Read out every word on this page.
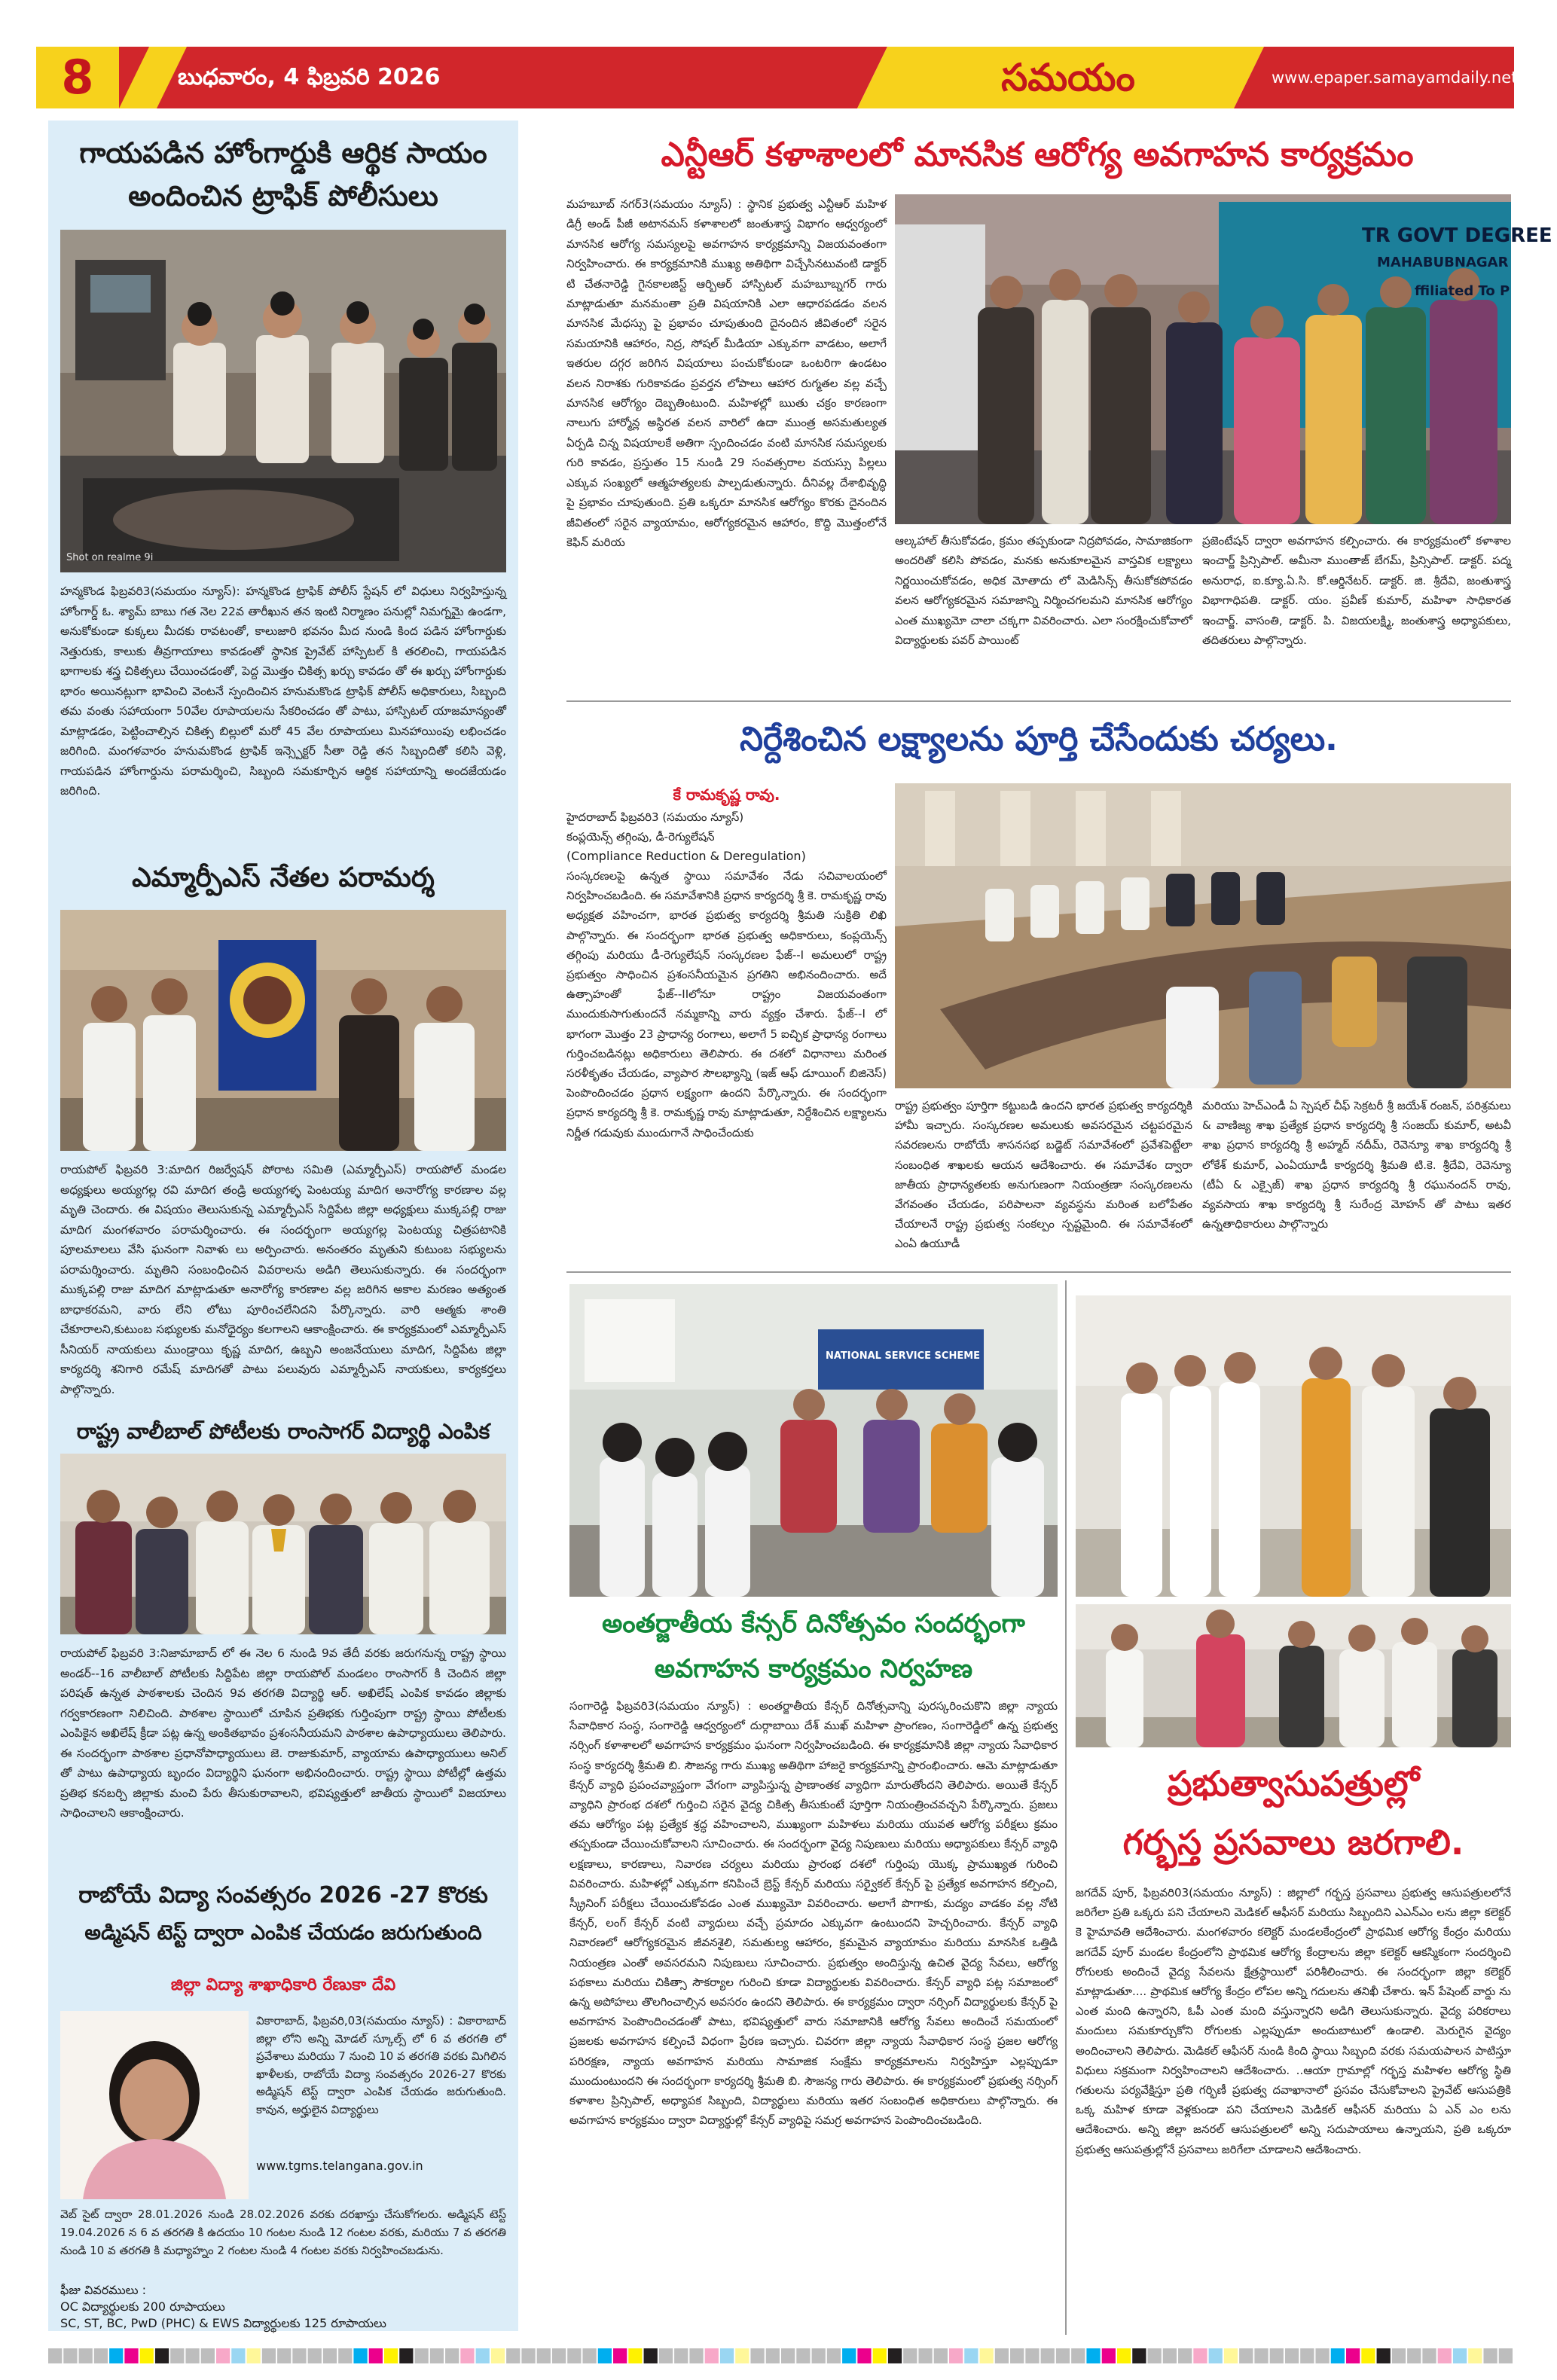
8	బుధవారం, 4 ఫిబ్రవరి 2026	సమయం	www.epaper.samayamdaily.net
గాయపడిన హోంగార్డుకి ఆర్థిక సాయం
అందించిన ట్రాఫిక్ పోలీసులు
Shot on realme 9i
హన్మకొండ ఫిబ్రవరి3(సమయం న్యూస్): హన్మకొండ ట్రాఫిక్ పోలీస్ స్టేషన్ లో విధులు నిర్వహిస్తున్న హోంగార్డ్ ఓ. శ్యామ్ బాబు గత నెల 22వ తారీఖున తన ఇంటి నిర్మాణం పనుల్లో నిమగ్నమై ఉండగా, అనుకోకుండా కుక్కలు మీదకు రావటంతో, కాలుజారి భవనం మీద నుండి కింద పడిన హోంగార్డుకు నెత్తురుకు, కాలుకు తీవ్రగాయాలు కావడంతో స్థానిక ప్రైవేట్ హాస్పిటల్ కి తరలించి, గాయపడిన భాగాలకు శస్త్ర చికిత్సలు చేయించడంతో, పెద్ద మొత్తం చికిత్స ఖర్చు కావడం తో ఈ ఖర్చు హోంగార్డుకు భారం అయినట్లుగా భావించి వెంటనే స్పందించిన హనుమకొండ ట్రాఫిక్ పోలీస్ అధికారులు, సిబ్బంది తమ వంతు సహాయంగా 50వేల రూపాయలను సేకరించడం తో పాటు, హాస్పిటల్ యాజమాన్యంతో మాట్లాడడం, పెట్టించాల్సిన చికిత్స బిల్లులో మరో 45 వేల రూపాయలు మినహాయింపు లభించడం జరిగింది. మంగళవారం హనుమకొండ ట్రాఫిక్ ఇన్స్పెక్టర్ సీతా రెడ్డి తన సిబ్బందితో కలిసి వెళ్లి, గాయపడిన హోంగార్డును పరామర్శించి, సిబ్బంది సమకూర్చిన ఆర్థిక సహాయాన్ని అందజేయడం జరిగింది.
ఎమ్మార్పీఎస్ నేతల పరామర్శ
రాయపోల్ ఫిబ్రవరి 3:మాదిగ రిజర్వేషన్ పోరాట సమితి (ఎమ్మార్పీఎస్) రాయపోల్ మండల అధ్యక్షులు అయ్యగల్ల రవి మాదిగ తండ్రి అయ్యగళ్ళ పెంటయ్య మాదిగ అనారోగ్య కారణాల వల్ల మృతి చెందారు. ఈ విషయం తెలుసుకున్న ఎమ్మార్పీఎస్ సిద్దిపేట జిల్లా అధ్యక్షులు ముక్కపల్లి రాజు మాదిగ మంగళవారం పరామర్శించారు. ఈ సందర్భంగా అయ్యగల్ల పెంటయ్య చిత్రపటానికి పూలమాలలు వేసి ఘనంగా నివాళు లు అర్పించారు. అనంతరం మృతుని కుటుంబ సభ్యులను పరామర్శించారు. మృతిని సంబంధించిన వివరాలను అడిగి తెలుసుకున్నారు. ఈ సందర్భంగా ముక్కపల్లి రాజు మాదిగ మాట్లాడుతూ అనారోగ్య కారణాల వల్ల జరిగిన అకాల మరణం అత్యంత బాధాకరమని, వారు లేని లోటు పూరించలేనిదని పేర్కొన్నారు. వారి ఆత్మకు శాంతి చేకూరాలని,కుటుంబ సభ్యులకు మనోధైర్యం కలగాలని ఆకాంక్షించారు. ఈ కార్యక్రమంలో ఎమ్మార్పీఎస్ సీనియర్ నాయకులు ముండ్రాయి కృష్ణ మాదిగ, ఉబ్బని అంజనేయులు మాదిగ, సిద్దిపేట జిల్లా కార్యదర్శి శనిగారి రమేష్ మాదిగతో పాటు పలువురు ఎమ్మార్పీఎస్ నాయకులు, కార్యకర్తలు పాల్గొన్నారు.
రాష్ట్ర వాలీబాల్ పోటీలకు రాంసాగర్ విద్యార్థి ఎంపిక
రాయపోల్ ఫిబ్రవరి 3:నిజామాబాద్ లో ఈ నెల 6 నుండి 9వ తేదీ వరకు జరుగనున్న రాష్ట్ర స్థాయి అండర్--16 వాలీబాల్ పోటీలకు సిద్దిపేట జిల్లా రాయపోల్ మండలం రాంసాగర్ కి చెందిన జిల్లా పరిషత్ ఉన్నత పాఠశాలకు చెందిన 9వ తరగతి విద్యార్థి ఆర్. అఖిలేష్ ఎంపిక కావడం జిల్లాకు గర్వకారణంగా నిలిచింది. పాఠశాల స్థాయిలో చూపిన ప్రతిభకు గుర్తింపుగా రాష్ట్ర స్థాయి పోటీలకు ఎంపికైన అఖిలేష్ క్రీడా పట్ల ఉన్న అంకితభావం ప్రశంసనీయమని పాఠశాల ఉపాధ్యాయులు తెలిపారు. ఈ సందర్భంగా పాఠశాల ప్రధానోపాధ్యాయులు జె. రాజుకుమార్, వ్యాయామ ఉపాధ్యాయులు అనిల్ తో పాటు ఉపాధ్యాయ బృందం విద్యార్థిని ఘనంగా అభినందించారు. రాష్ట్ర స్థాయి పోటీల్లో ఉత్తమ ప్రతిభ కనబర్చి జిల్లాకు మంచి పేరు తీసుకురావాలని, భవిష్యత్తులో జాతీయ స్థాయిలో విజయాలు సాధించాలని ఆకాంక్షించారు.
రాబోయే విద్యా సంవత్సరం 2026 -27 కొరకు
అడ్మిషన్ టెస్ట్ ద్వారా ఎంపిక చేయడం జరుగుతుంది
జిల్లా విద్యా శాఖాధికారి రేణుకా దేవి
వికారాబాద్, ఫిబ్రవరి,03(సమయం న్యూస్) : వికారాబాద్ జిల్లా లోని అన్ని మోడల్ స్కూల్స్ లో 6 వ తరగతి లో ప్రవేశాలు మరియు 7 నుంచి 10 వ తరగతి వరకు మిగిలిన ఖాళీలకు, రాబోయే విద్యా సంవత్సరం 2026-27 కొరకు అడ్మిషన్ టెస్ట్ ద్వారా ఎంపిక చేయడం జరుగుతుంది. కావున, అర్హులైన విద్యార్థులు
www.tgms.telangana.gov.in
వెబ్ సైట్ ద్వారా 28.01.2026 నుండి 28.02.2026 వరకు దరఖాస్తు చేసుకోగలరు. అడ్మిషన్ టెస్ట్ 19.04.2026 న 6 వ తరగతి కి ఉదయం 10 గంటల నుండి 12 గంటల వరకు, మరియు 7 వ తరగతి నుండి 10 వ తరగతి కి మధ్యాహ్నం 2 గంటల నుండి 4 గంటల వరకు నిర్వహించబడును.
ఫీజు వివరములు :
OC విద్యార్థులకు 200 రూపాయలు
SC, ST, BC, PwD (PHC) & EWS విద్యార్థులకు 125 రూపాయలు
ఎన్టీఆర్ కళాశాలలో మానసిక ఆరోగ్య అవగాహన కార్యక్రమం
మహబూబ్ నగర్3(సమయం న్యూస్) : స్థానిక ప్రభుత్వ ఎన్టీఆర్ మహిళ డిగ్రీ అండ్ పీజీ అటానమస్ కళాశాలలో జంతుశాస్త్ర విభాగం ఆధ్వర్యంలో మానసిక ఆరోగ్య సమస్యలపై అవగాహన కార్యక్రమాన్ని విజయవంతంగా నిర్వహించారు. ఈ కార్యక్రమానికి ముఖ్య అతిథిగా విచ్చేసినటువంటి డాక్టర్ టి చేతనారెడ్డి గైనకాలజిస్ట్ ఆర్బిఆర్ హాస్పిటల్ మహబూబ్నగర్ గారు మాట్లాడుతూ మనమంతా ప్రతి విషయానికి ఎలా ఆధారపడడం వలన మానసిక మేధస్సు పై ప్రభావం చూపుతుంది దైనందిన జీవితంలో సరైన సమయానికి ఆహారం, నిద్ర, సోషల్ మీడియా ఎక్కువగా వాడటం, అలాగే ఇతరుల దగ్గర జరిగిన విషయాలు పంచుకోకుండా ఒంటరిగా ఉండటం వలన నిరాశకు గురికావడం ప్రవర్తన లోపాలు ఆహార రుగ్మతల వల్ల వచ్చే మానసిక ఆరోగ్యం దెబ్బతింటుంది. మహిళల్లో ఋతు చక్రం కారణంగా నాలుగు హార్మోన్ల అస్థిరత వలన వారిలో ఉదా ముంత్ర అసమతుల్యత ఏర్పడి చిన్న విషయాలకే అతిగా స్పందించడం వంటి మానసిక సమస్యలకు గురి కావడం, ప్రస్తుతం 15 నుండి 29 సంవత్సరాల వయస్సు పిల్లలు ఎక్కువ సంఖ్యలో ఆత్మహత్యలకు పాల్పడుతున్నారు. దీనివల్ల దేశాభివృద్ధి పై ప్రభావం చూపుతుంది. ప్రతి ఒక్కరూ మానసిక ఆరోగ్యం కొరకు దైనందిన జీవితంలో సరైన వ్యాయామం, ఆరోగ్యకరమైన ఆహారం, కొద్ది మొత్తంలోనే కెఫిన్ మరియ
TR GOVT DEGREE
MAHABUBNAGAR
ffiliated To P
ఆల్కహాల్ తీసుకోవడం, క్రమం తప్పకుండా నిద్రపోవడం, సామాజికంగా అందరితో కలిసి పోవడం, మనకు అనుకూలమైన వాస్తవిక లక్ష్యాలు నిర్ణయించుకోవడం, అధిక మోతాదు లో మెడిసిన్స్ తీసుకోకపోవడం వలన ఆరోగ్యకరమైన సమాజాన్ని నిర్మించగలమని మానసిక ఆరోగ్యం ఎంత ముఖ్యమో చాలా చక్కగా వివరించారు. ఎలా సంరక్షించుకోవాలో విద్యార్థులకు పవర్ పాయింట్
ప్రజెంటేషన్ ద్వారా అవగాహన కల్పించారు. ఈ కార్యక్రమంలో కళాశాల ఇంచార్జ్ ప్రిన్సిపాల్. అమీనా ముంతాజ్ బేగమ్, ప్రిన్సిపాల్. డాక్టర్. పద్మ అనురాధ, ఐ.క్యూ.ఏ.సి. కో.ఆర్డినేటర్. డాక్టర్. జి. శ్రీదేవి, జంతుశాస్త్ర విభాగాధిపతి. డాక్టర్. యం. ప్రవీణ్ కుమార్, మహిళా సాధికారత ఇంచార్జ్. వాసంతి, డాక్టర్. పి. విజయలక్ష్మి, జంతుశాస్త్ర అధ్యాపకులు, తదితరులు పాల్గొన్నారు.
నిర్దేశించిన లక్ష్యాలను పూర్తి చేసేందుకు చర్యలు.
కే రామకృష్ణ రావు.
హైదరాబాద్ ఫిబ్రవరి3 (సమయం న్యూస్)
కంప్లయెన్స్ తగ్గింపు, డీ-రెగ్యులేషన్
(Compliance Reduction & Deregulation)
సంస్కరణలపై ఉన్నత స్థాయి సమావేశం నేడు సచివాలయంలో నిర్వహించబడింది. ఈ సమావేశానికి ప్రధాన కార్యదర్శి శ్రీ కె. రామకృష్ణ రావు అధ్యక్షత వహించగా, భారత ప్రభుత్వ కార్యదర్శి శ్రీమతి సుక్రితి లిఖి పాల్గొన్నారు. ఈ సందర్భంగా భారత ప్రభుత్వ అధికారులు, కంప్లయెన్స్ తగ్గింపు మరియు డీ-రెగ్యులేషన్ సంస్కరణల ఫేజ్--I అమలులో రాష్ట్ర ప్రభుత్వం సాధించిన ప్రశంసనీయమైన ప్రగతిని అభినందించారు. అదే ఉత్సాహంతో ఫేజ్--IIలోనూ రాష్ట్రం విజయవంతంగా ముందుకుసాగుతుందనే నమ్మకాన్ని వారు వ్యక్తం చేశారు. ఫేజ్--I లో భాగంగా మొత్తం 23 ప్రాధాన్య రంగాలు, అలాగే 5 ఐచ్ఛిక ప్రాధాన్య రంగాలు గుర్తించబడినట్లు అధికారులు తెలిపారు. ఈ దశలో విధానాలు మరింత సరళీకృతం చేయడం, వ్యాపార సౌలభ్యాన్ని (ఇజ్ ఆఫ్ డూయింగ్ బిజినెస్) పెంపొందించడం ప్రధాన లక్ష్యంగా ఉందని పేర్కొన్నారు. ఈ సందర్భంగా ప్రధాన కార్యదర్శి శ్రీ కె. రామకృష్ణ రావు మాట్లాడుతూ, నిర్దేశించిన లక్ష్యాలను నిర్ణీత గడువుకు ముందుగానే సాధించేందుకు
రాష్ట్ర ప్రభుత్వం పూర్తిగా కట్టుబడి ఉందని భారత ప్రభుత్వ కార్యదర్శికి హామీ ఇచ్చారు. సంస్కరణల అమలుకు అవసరమైన చట్టపరమైన సవరణలను రాబోయే శాసనసభ బడ్జెట్ సమావేశంలో ప్రవేశపెట్టేలా సంబంధిత శాఖలకు ఆయన ఆదేశించారు. ఈ సమావేశం ద్వారా జాతీయ ప్రాధాన్యతలకు అనుగుణంగా నియంత్రణా సంస్కరణలను వేగవంతం చేయడం, పరిపాలనా వ్యవస్థను మరింత బలోపేతం చేయాలనే రాష్ట్ర ప్రభుత్వ సంకల్పం స్పష్టమైంది. ఈ సమావేశంలో ఎంఏ ఉయూడీ
మరియు హెచ్ఎండీ ఏ స్పెషల్ చీఫ్ సెక్రటరీ శ్రీ జయేశ్ రంజన్, పరిశ్రమలు & వాణిజ్య శాఖ ప్రత్యేక ప్రధాన కార్యదర్శి శ్రీ సంజయ్ కుమార్, అటవీ శాఖ ప్రధాన కార్యదర్శి శ్రీ అహ్మద్ నదీమ్, రెవెన్యూ శాఖ కార్యదర్శి శ్రీ లోకేశ్ కుమార్, ఎంఏయూడీ కార్యదర్శి శ్రీమతి టి.కె. శ్రీదేవి, రెవెన్యూ (టీఏ & ఎక్సైజ్) శాఖ ప్రధాన కార్యదర్శి శ్రీ రఘునందన్ రావు, వ్యవసాయ శాఖ కార్యదర్శి శ్రీ సురేంద్ర మోహన్ తో పాటు ఇతర ఉన్నతాధికారులు పాల్గొన్నారు
NATIONAL SERVICE SCHEME
అంతర్జాతీయ కేన్సర్ దినోత్సవం సందర్భంగా
అవగాహన కార్యక్రమం నిర్వహణ
సంగారెడ్డి ఫిబ్రవరి3(సమయం న్యూస్) : అంతర్జాతీయ కేన్సర్ దినోత్సవాన్ని పురస్కరించుకొని జిల్లా న్యాయ సేవాధికార సంస్థ, సంగారెడ్డి ఆధ్వర్యంలో దుర్గాబాయి దేశ్ ముఖ్ మహిళా ప్రాంగణం, సంగారెడ్డిలో ఉన్న ప్రభుత్వ నర్సింగ్ కళాశాలలో అవగాహన కార్యక్రమం ఘనంగా నిర్వహించబడింది. ఈ కార్యక్రమానికి జిల్లా న్యాయ సేవాధికార సంస్థ కార్యదర్శి శ్రీమతి బి. సౌజన్య గారు ముఖ్య అతిథిగా హాజరై కార్యక్రమాన్ని ప్రారంభించారు. ఆమె మాట్లాడుతూ కేన్సర్ వ్యాధి ప్రపంచవ్యాప్తంగా వేగంగా వ్యాపిస్తున్న ప్రాణాంతక వ్యాధిగా మారుతోందని తెలిపారు. అయితే కేన్సర్ వ్యాధిని ప్రారంభ దశలో గుర్తించి సరైన వైద్య చికిత్స తీసుకుంటే పూర్తిగా నియంత్రించవచ్చని పేర్కొన్నారు. ప్రజలు తమ ఆరోగ్యం పట్ల ప్రత్యేక శ్రద్ధ వహించాలని, ముఖ్యంగా మహిళలు మరియు యువత ఆరోగ్య పరీక్షలు క్రమం తప్పకుండా చేయించుకోవాలని సూచించారు. ఈ సందర్భంగా వైద్య నిపుణులు మరియు అధ్యాపకులు కేన్సర్ వ్యాధి లక్షణాలు, కారణాలు, నివారణ చర్యలు మరియు ప్రారంభ దశలో గుర్తింపు యొక్క ప్రాముఖ్యత గురించి వివరించారు. మహిళల్లో ఎక్కువగా కనిపించే బ్రెస్ట్ కేన్సర్ మరియు సర్వైకల్ కేన్సర్ పై ప్రత్యేక అవగాహన కల్పించి, స్క్రీనింగ్ పరీక్షలు చేయించుకోవడం ఎంత ముఖ్యమో వివరించారు. అలాగే పొగాకు, మద్యం వాడకం వల్ల నోటి కేన్సర్, లంగ్ కేన్సర్ వంటి వ్యాధులు వచ్చే ప్రమాదం ఎక్కువగా ఉంటుందని హెచ్చరించారు. కేన్సర్ వ్యాధి నివారణలో ఆరోగ్యకరమైన జీవనశైలి, సమతుల్య ఆహారం, క్రమమైన వ్యాయామం మరియు మానసిక ఒత్తిడి నియంత్రణ ఎంతో అవసరమని నిపుణులు సూచించారు. ప్రభుత్వం అందిస్తున్న ఉచిత వైద్య సేవలు, ఆరోగ్య పథకాలు మరియు చికిత్సా సౌకర్యాల గురించి కూడా విద్యార్థులకు వివరించారు. కేన్సర్ వ్యాధి పట్ల సమాజంలో ఉన్న అపోహలు తొలగించాల్సిన అవసరం ఉందని తెలిపారు. ఈ కార్యక్రమం ద్వారా నర్సింగ్ విద్యార్థులకు కేన్సర్ పై అవగాహన పెంపొందించడంతో పాటు, భవిష్యత్తులో వారు సమాజానికి ఆరోగ్య సేవలు అందించే సమయంలో ప్రజలకు అవగాహన కల్పించే విధంగా ప్రేరణ ఇచ్చారు. చివరగా జిల్లా న్యాయ సేవాధికార సంస్థ ప్రజల ఆరోగ్య పరిరక్షణ, న్యాయ అవగాహన మరియు సామాజిక సంక్షేమ కార్యక్రమాలను నిర్వహిస్తూ ఎల్లప్పుడూ ముందుంటుందని ఈ సందర్భంగా కార్యదర్శి శ్రీమతి బి. సౌజన్య గారు తెలిపారు. ఈ కార్యక్రమంలో ప్రభుత్వ నర్సింగ్ కళాశాల ప్రిన్సిపాల్, అధ్యాపక సిబ్బంది, విద్యార్థులు మరియు ఇతర సంబంధిత అధికారులు పాల్గొన్నారు. ఈ అవగాహన కార్యక్రమం ద్వారా విద్యార్థుల్లో కేన్సర్ వ్యాధిపై సమగ్ర అవగాహన పెంపొందించబడింది.
ప్రభుత్వాసుపత్రుల్లో
గర్భస్త ప్రసవాలు జరగాలి.
జగదేవ్ పూర్, ఫిబ్రవరి03(సమయం న్యూస్) : జిల్లాలో గర్భస్త ప్రసవాలు ప్రభుత్వ ఆసుపత్రులలోనే జరిగేలా ప్రతి ఒక్కరు పని చేయాలని మెడికల్ ఆఫీసర్ మరియు సిబ్బందిని ఎఎన్ఎం లను జిల్లా కలెక్టర్ కె హైమావతి ఆదేశించారు. మంగళవారం కలెక్టర్ మండలకేంద్రంలో ప్రాథమిక ఆరోగ్య కేంద్రం మరియు జగదేవ్ పూర్ మండల కేంద్రంలోని ప్రాథమిక ఆరోగ్య కేంద్రాలను జిల్లా కలెక్టర్ ఆకస్మికంగా సందర్శించి రోగులకు అందించే వైద్య సేవలను క్షేత్రస్థాయిలో పరిశీలించారు. ఈ సందర్భంగా జిల్లా కలెక్టర్ మాట్లాడుతూ.... ప్రాథమిక ఆరోగ్య కేంద్రం లోపల అన్ని గదులను తనిఖీ చేశారు. ఇన్ పేషెంట్ వార్డు ను ఎంత మంది ఉన్నారని, ఓపీ ఎంత మంది వస్తున్నారని అడిగి తెలుసుకున్నారు. వైద్య పరికరాలు మందులు సమకూర్చుకోని రోగులకు ఎల్లప్పుడూ అందుబాటులో ఉండాలి. మెరుగైన వైద్యం అందించాలని తెలిపారు. మెడికల్ ఆఫీసర్ నుండి కింది స్థాయి సిబ్బంది వరకు సమయపాలన పాటిస్తూ విధులు సక్రమంగా నిర్వహించాలని ఆదేశించారు. ..ఆయా గ్రామాల్లో గర్భస్త మహిళల ఆరోగ్య స్థితి గతులను పర్యవేక్షిస్తూ ప్రతి గర్భిణీ ప్రభుత్వ దవాఖానాలో ప్రసవం చేసుకోవాలని ప్రైవేట్ ఆసుపత్రికి ఒక్క మహిళ కూడా వెళ్లకుండా పని చేయాలని మెడికల్ ఆఫీసర్ మరియు ఏ ఎన్ ఎం లను ఆదేశించారు. అన్ని జిల్లా జనరల్ ఆసుపత్రులలో అన్ని సదుపాయాలు ఉన్నాయని, ప్రతి ఒక్కరూ ప్రభుత్వ ఆసుపత్రుల్లోనే ప్రసవాలు జరిగేలా చూడాలని ఆదేశించారు.
